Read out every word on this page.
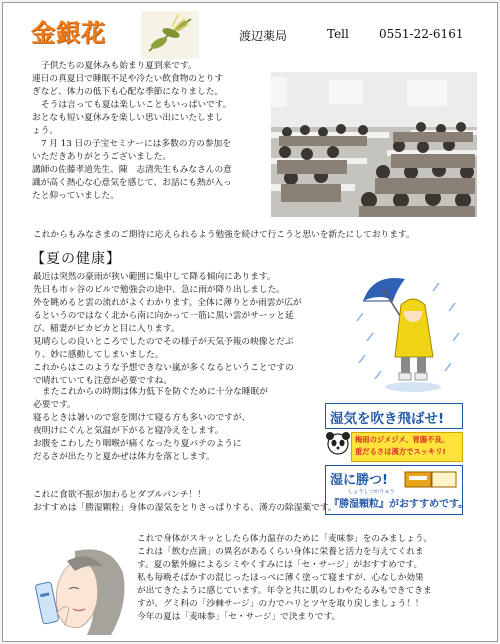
金銀花	渡辺薬局	Tell	0551-22-6161
子供たちの夏休みも始まり夏到来です。
連日の真夏日で睡眠不足や冷たい飲食物のとりす
ぎなど、体力の低下も心配な季節になりました。
そうは言っても夏は楽しいこともいっぱいです。
おとなも短い夏休みを楽しい思い出にいたしまし
ょう。
7 月 13 日の子宝セミナーには多数の方の参加を
いただきありがとうございました。
講師の佐藤孝道先生、陳　志清先生もみなさんの意
識が高く熱心な心意気を感じて、お話にも熱が入っ
たと仰っていました。
これからもみなさまのご期待に応えられるよう勉強を続けて行こうと思いを新たにしております。
【夏の健康】
最近は突然の豪雨が狭い範囲に集中して降る傾向にあります。
先日も市ヶ谷のビルで勉強会の途中、急に雨が降り出しました。
外を眺めると雲の流れがよくわかります。全体に薄りとか雨雲が広が
るというのではなく北から南に向かって一筋に黒い雲がサーッと延
び、稲妻がピカピカと目に入ります。
見晴らしの良いところでしたのでその様子が天気予報の映像とだぶ
り、妙に感動してしまいました。
これからはこのような予想できない嵐が多くなるということですの
で晴れていても注意が必要ですね。
またこれからの時期は体力低下を防ぐために十分な睡眠が
必要です。
寝るときは暑いので窓を開けて寝る方も多いのですが、
夜明けにぐんと気温が下がると寝冷えをします。
お腹をこわしたり咽喉が痛くなったり夏バテのように
だるさが出たりと夏かぜは体力を落とします。
湿気を吹き飛ばせ!
梅雨のジメジメ、胃腸不良、
重だるさは漢方でスッキリ!
湿に勝つ!
しょうしつかりゅう
『勝湿顆粒』がおすすめです。
これに食欲不振が加わるとダブルパンチ！！
おすすめは「勝湿顆粒」身体の湿気をとりさっぱりする、漢方の除湿薬です。
これで身体がスキッとしたら体力温存のために「麦味参」をのみましょう。
これは「飲む点滴」の異名があるくらい身体に栄養と活力を与えてくれま
す。夏の紫外線によるシミやくすみには「セ・サージ」がおすすめです。
私も毎晩そばかすの混じったほっぺに薄く塗って寝ますが、心なしか効果
が出てきたように感じています。年令と共に肌のしわやたるみもできてきま
すが、グミ科の「沙棘サージ」の力でハリとツヤを取り戻しましょう！！
今年の夏は「麦味参」「セ・サージ」で決まりです。
